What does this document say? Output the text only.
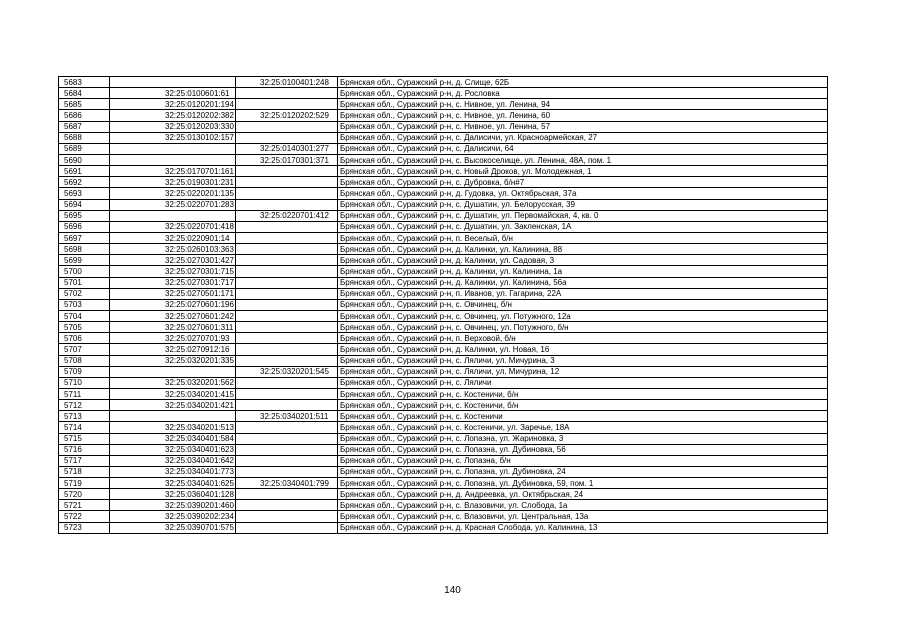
5683		32:25:0100401:248	Брянская обл., Суражский р-н, д. Слище, 62Б
5684	32:25:0100601:61		Брянская обл., Суражский р-н, д. Рословка
5685	32:25:0120201:194		Брянская обл., Суражский р-н, с. Нивное, ул. Ленина, 94
5686	32:25:0120202:382	32:25:0120202:529	Брянская обл., Суражский р-н, с. Нивное, ул. Ленина, 60
5687	32:25:0120203:330		Брянская обл., Суражский р-н, с. Нивное, ул. Ленина, 57
5688	32:25:0130102:157		Брянская обл., Суражский р-н, с. Далисичи, ул. Красноармейская, 27
5689		32:25:0140301:277	Брянская обл., Суражский р-н, с. Далисичи, 64
5690		32:25:0170301:371	Брянская обл., Суражский р-н, с. Высокоселище, ул. Ленина, 48А, пом. 1
5691	32:25:0170701:161		Брянская обл., Суражский р-н, с. Новый Дроков, ул. Молодежная, 1
5692	32:25:0190301:231		Брянская обл., Суражский р-н, с. Дубровка, б/н#7
5693	32:25:0220201:135		Брянская обл., Суражский р-н, д. Гудовка, ул. Октябрьская, 37а
5694	32:25:0220701:283		Брянская обл., Суражский р-н, с. Душатин, ул. Белорусская, 39
5695		32:25:0220701:412	Брянская обл., Суражский р-н, с. Душатин, ул. Первомайская, 4, кв. 0
5696	32:25:0220701:418		Брянская обл., Суражский р-н, с. Душатин, ул. Закленская, 1А
5697	32:25:0220901:14		Брянская обл., Суражский р-н, п. Веселый, б/н
5698	32:25:0260103:363		Брянская обл., Суражский р-н, д. Калинки, ул. Калинина, 88
5699	32:25:0270301:427		Брянская обл., Суражский р-н, д. Калинки, ул. Садовая, 3
5700	32:25:0270301:715		Брянская обл., Суражский р-н, д. Калинки, ул. Калинина, 1а
5701	32:25:0270301:717		Брянская обл., Суражский р-н, д. Калинки, ул. Калинина, 56а
5702	32:25:0270501:171		Брянская обл., Суражский р-н, п. Иванов, ул. Гагарина, 22А
5703	32:25:0270601:196		Брянская обл., Суражский р-н, с. Овчинец, б/н
5704	32:25:0270601:242		Брянская обл., Суражский р-н, с. Овчинец, ул. Потужного, 12а
5705	32:25:0270601:311		Брянская обл., Суражский р-н, с. Овчинец, ул. Потужного, б/н
5706	32:25:0270701:93		Брянская обл., Суражский р-н, п. Верховой, б/н
5707	32:25:0270912:16		Брянская обл., Суражский р-н, д. Калинки, ул. Новая, 16
5708	32:25:0320201:335		Брянская обл., Суражский р-н, с. Ляличи, ул. Мичурина, 3
5709		32:25:0320201:545	Брянская обл., Суражский р-н, с. Ляличи, ул. Мичурина, 12
5710	32:25:0320201:562		Брянская обл., Суражский р-н, с. Ляличи
5711	32:25:0340201:415		Брянская обл., Суражский р-н, с. Костеничи, б/н
5712	32:25:0340201:421		Брянская обл., Суражский р-н, с. Костеничи, б/н
5713		32:25:0340201:511	Брянская обл., Суражский р-н, с. Костеничи
5714	32:25:0340201:513		Брянская обл., Суражский р-н, с. Костеничи, ул. Заречье, 18А
5715	32:25:0340401:584		Брянская обл., Суражский р-н, с. Лопазна, ул. Жариновка, 3
5716	32:25:0340401:623		Брянская обл., Суражский р-н, с. Лопазна, ул. Дубиновка, 56
5717	32:25:0340401:642		Брянская обл., Суражский р-н, с. Лопазна, б/н
5718	32:25:0340401:773		Брянская обл., Суражский р-н, с. Лопазна, ул. Дубиновка, 24
5719	32:25:0340401:625	32:25:0340401:799	Брянская обл., Суражский р-н, с. Лопазна, ул. Дубиновка, 59, пом. 1
5720	32:25:0360401:128		Брянская обл., Суражский р-н, д. Андреевка, ул. Октябрьская, 24
5721	32:25:0390201:460		Брянская обл., Суражский р-н, с. Влазовичи, ул. Слобода, 1а
5722	32:25:0390202:234		Брянская обл., Суражский р-н, с. Влазовичи, ул. Центральная, 13а
5723	32:25:0390701:575		Брянская обл., Суражский р-н, д. Красная Слобода, ул. Калинина, 13
140
